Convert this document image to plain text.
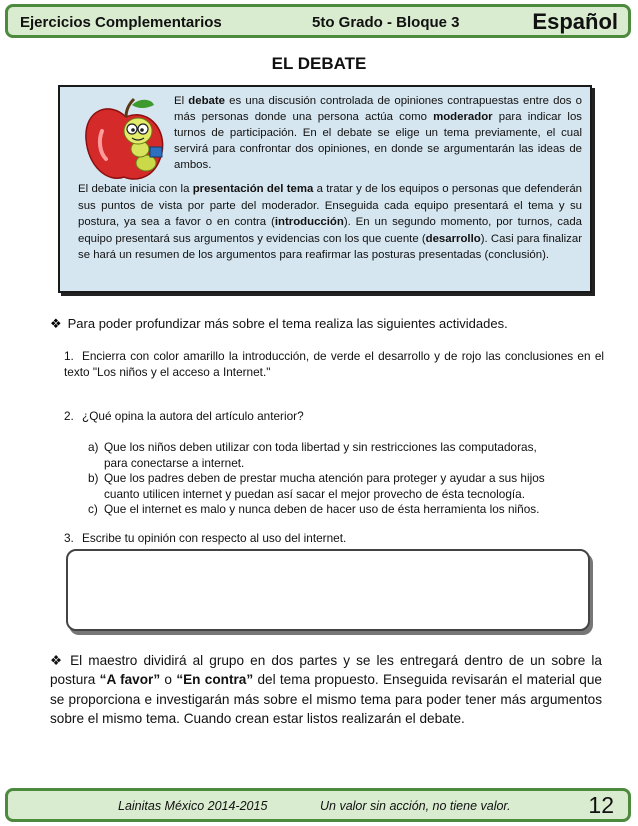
Ejercicios Complementarios	5to Grado - Bloque 3	Español
EL DEBATE
El debate es una discusión controlada de opiniones contrapuestas entre dos o más personas donde una persona actúa como moderador para indicar los turnos de participación. En el debate se elige un tema previamente, el cual servirá para confrontar dos opiniones, en donde se argumentarán las ideas de ambos.
El debate inicia con la presentación del tema a tratar y de los equipos o personas que defenderán sus puntos de vista por parte del moderador. Enseguida cada equipo presentará el tema y su postura, ya sea a favor o en contra (introducción). En un segundo momento, por turnos, cada equipo presentará sus argumentos y evidencias con los que cuente (desarrollo). Casi para finalizar se hará un resumen de los argumentos para reafirmar las posturas presentadas (conclusión).
❖ Para poder profundizar más sobre el tema realiza las siguientes actividades.
1. Encierra con color amarillo la introducción, de verde el desarrollo y de rojo las conclusiones en el texto "Los niños y el acceso a Internet."
2. ¿Qué opina la autora del artículo anterior?
a) Que los niños deben utilizar con toda libertad y sin restricciones las computadoras,
para conectarse a internet.
b) Que los padres deben de prestar mucha atención para proteger y ayudar a sus hijos
cuanto utilicen internet y puedan así sacar el mejor provecho de ésta tecnología.
c) Que el internet es malo y nunca deben de hacer uso de ésta herramienta los niños.
3. Escribe tu opinión con respecto al uso del internet.
❖ El maestro dividirá al grupo en dos partes y se les entregará dentro de un sobre la postura “A favor” o “En contra” del tema propuesto. Enseguida revisarán el material que se proporciona e investigarán más sobre el mismo tema para poder tener más argumentos sobre el mismo tema. Cuando crean estar listos realizarán el debate.
Lainitas México 2014-2015	Un valor sin acción, no tiene valor.	12
